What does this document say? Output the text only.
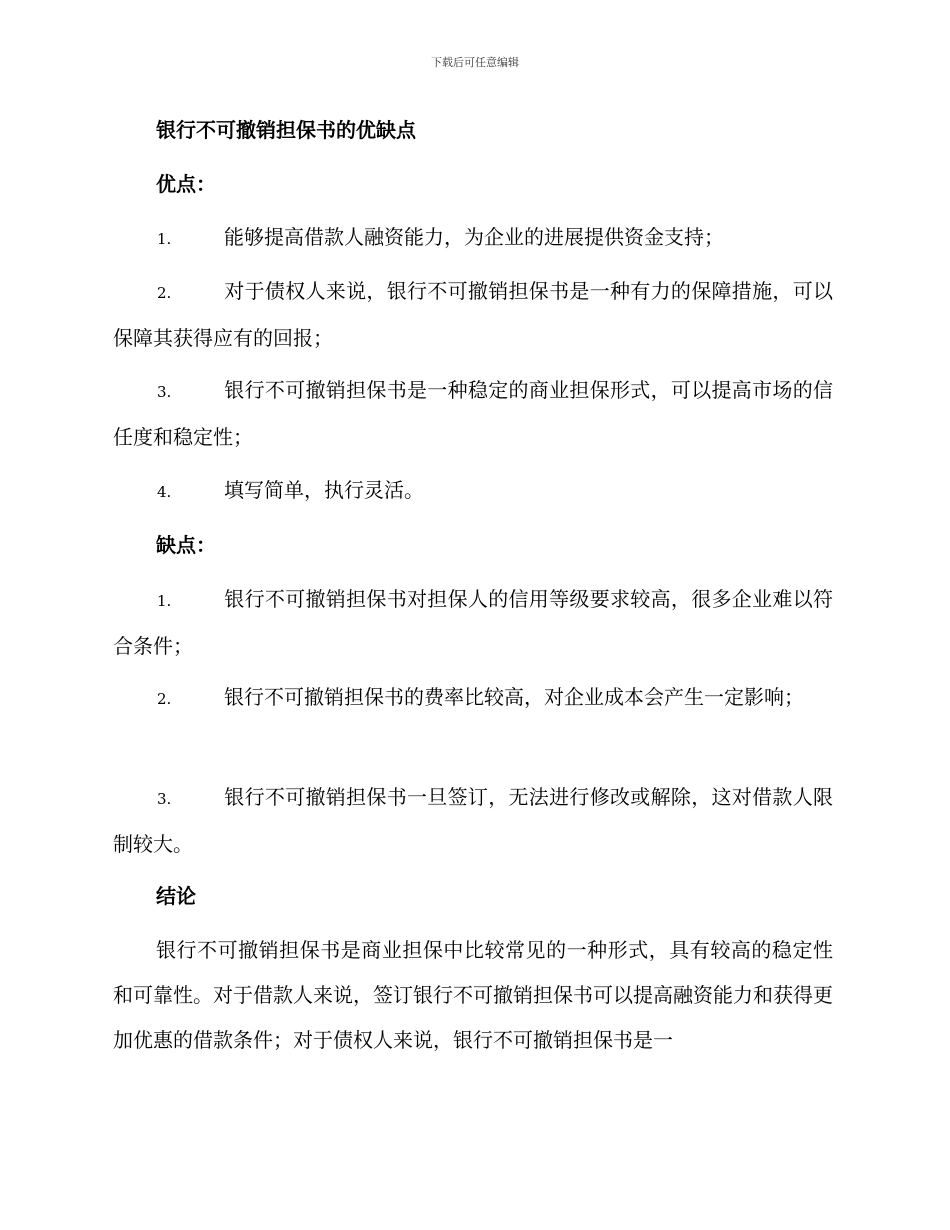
下载后可任意编辑
银行不可撤销担保书的优缺点
优点：
1.	能够提高借款人融资能力，为企业的进展提供资金支持；
2.	对于债权人来说，银行不可撤销担保书是一种有力的保障措施，可以保障其获得应有的回报；
3.	银行不可撤销担保书是一种稳定的商业担保形式，可以提高市场的信任度和稳定性；
4.	填写简单，执行灵活。
缺点：
1.	银行不可撤销担保书对担保人的信用等级要求较高，很多企业难以符合条件；
2.	银行不可撤销担保书的费率比较高，对企业成本会产生一定影响；
3.	银行不可撤销担保书一旦签订，无法进行修改或解除，这对借款人限制较大。
结论
银行不可撤销担保书是商业担保中比较常见的一种形式，具有较高的稳定性和可靠性。对于借款人来说，签订银行不可撤销担保书可以提高融资能力和获得更加优惠的借款条件；对于债权人来说，银行不可撤销担保书是一
